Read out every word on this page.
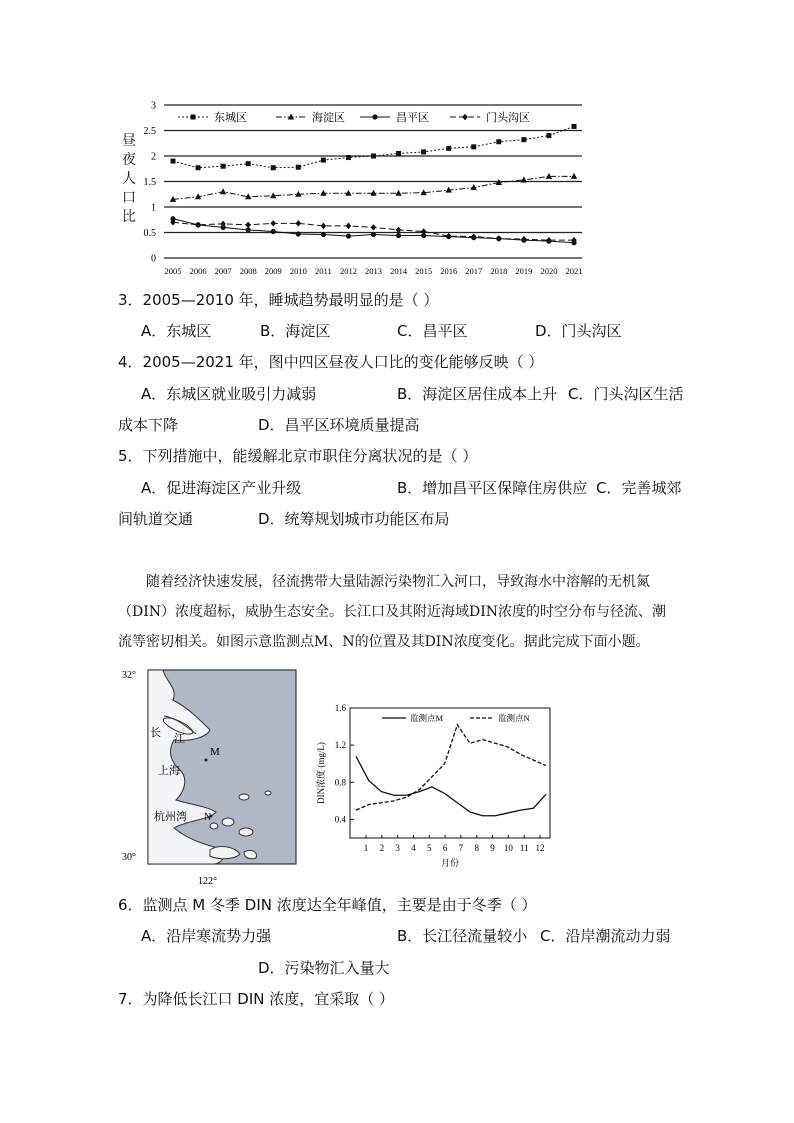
昼夜人口比
0
0.5
1
1.5
2
2.5
3
2005 2006 2007 2008 2009 2010 2011 2012 2013 2014 2015 2016 2017 2018 2019 2020 2021
东城区	海淀区	昌平区	门头沟区
3．2005—2010 年，睡城趋势最明显的是（ ）
A．东城区	B．海淀区	C．昌平区	D．门头沟区
4．2005—2021 年，图中四区昼夜人口比的变化能够反映（ ）
A．东城区就业吸引力减弱	B．海淀区居住成本上升 C．门头沟区生活
成本下降	D．昌平区环境质量提高
5．下列措施中，能缓解北京市职住分离状况的是（ ）
A．促进海淀区产业升级	B．增加昌平区保障住房供应 C．完善城郊
间轨道交通	D．统筹规划城市功能区布局
随着经济快速发展，径流携带大量陆源污染物汇入河口，导致海水中溶解的无机氮（DIN）浓度超标，威胁生态安全。长江口及其附近海域DIN浓度的时空分布与径流、潮流等密切相关。如图示意监测点M、N的位置及其DIN浓度变化。据此完成下面小题。
32°
30°
122°
长 江
上海
杭州湾
M
N	0.4
0.8
1.2
1.6
1 2 3 4 5 6 7 8 9 10 11 12
月份
DIN浓度 (mg/L)
监测点M	监测点N
6．监测点 M 冬季 DIN 浓度达全年峰值，主要是由于冬季（ ）
A．沿岸寒流势力强	B．长江径流量较小 C．沿岸潮流动力弱
D．污染物汇入量大
7．为降低长江口 DIN 浓度，宜采取（ ）
